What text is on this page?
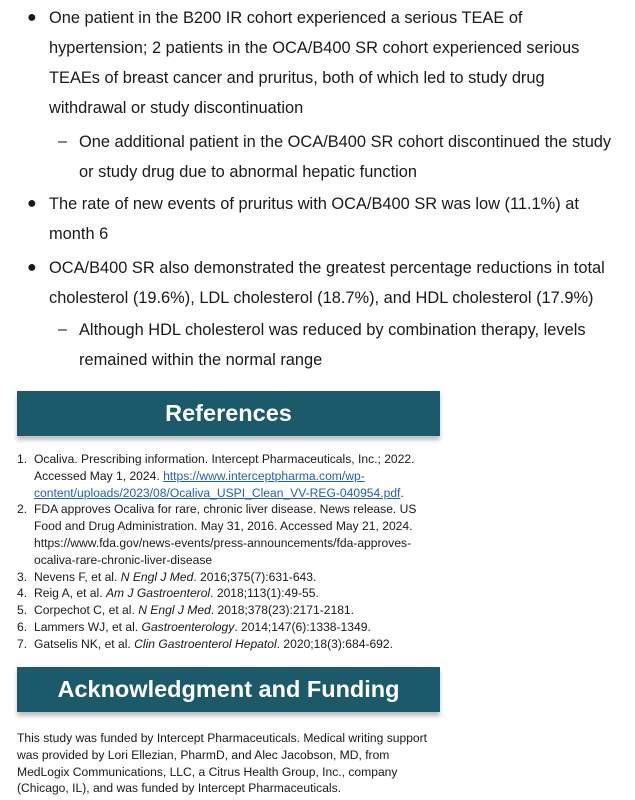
● One patient in the B200 IR cohort experienced a serious TEAE of hypertension; 2 patients in the OCA/B400 SR cohort experienced serious TEAEs of breast cancer and pruritus, both of which led to study drug withdrawal or study discontinuation
– One additional patient in the OCA/B400 SR cohort discontinued the study or study drug due to abnormal hepatic function
● The rate of new events of pruritus with OCA/B400 SR was low (11.1%) at month 6
● OCA/B400 SR also demonstrated the greatest percentage reductions in total cholesterol (19.6%), LDL cholesterol (18.7%), and HDL cholesterol (17.9%)
– Although HDL cholesterol was reduced by combination therapy, levels remained within the normal range
References
1. Ocaliva. Prescribing information. Intercept Pharmaceuticals, Inc.; 2022. Accessed May 1, 2024. https://www.interceptpharma.com/wp-content/uploads/2023/08/Ocaliva_USPI_Clean_VV-REG-040954.pdf.
2. FDA approves Ocaliva for rare, chronic liver disease. News release. US Food and Drug Administration. May 31, 2016. Accessed May 21, 2024. https://www.fda.gov/news-events/press-announcements/fda-approves-ocaliva-rare-chronic-liver-disease
3. Nevens F, et al. N Engl J Med. 2016;375(7):631-643.
4. Reig A, et al. Am J Gastroenterol. 2018;113(1):49-55.
5. Corpechot C, et al. N Engl J Med. 2018;378(23):2171-2181.
6. Lammers WJ, et al. Gastroenterology. 2014;147(6):1338-1349.
7. Gatselis NK, et al. Clin Gastroenterol Hepatol. 2020;18(3):684-692.
Acknowledgment and Funding
This study was funded by Intercept Pharmaceuticals. Medical writing support was provided by Lori Ellezian, PharmD, and Alec Jacobson, MD, from MedLogix Communications, LLC, a Citrus Health Group, Inc., company (Chicago, IL), and was funded by Intercept Pharmaceuticals.
